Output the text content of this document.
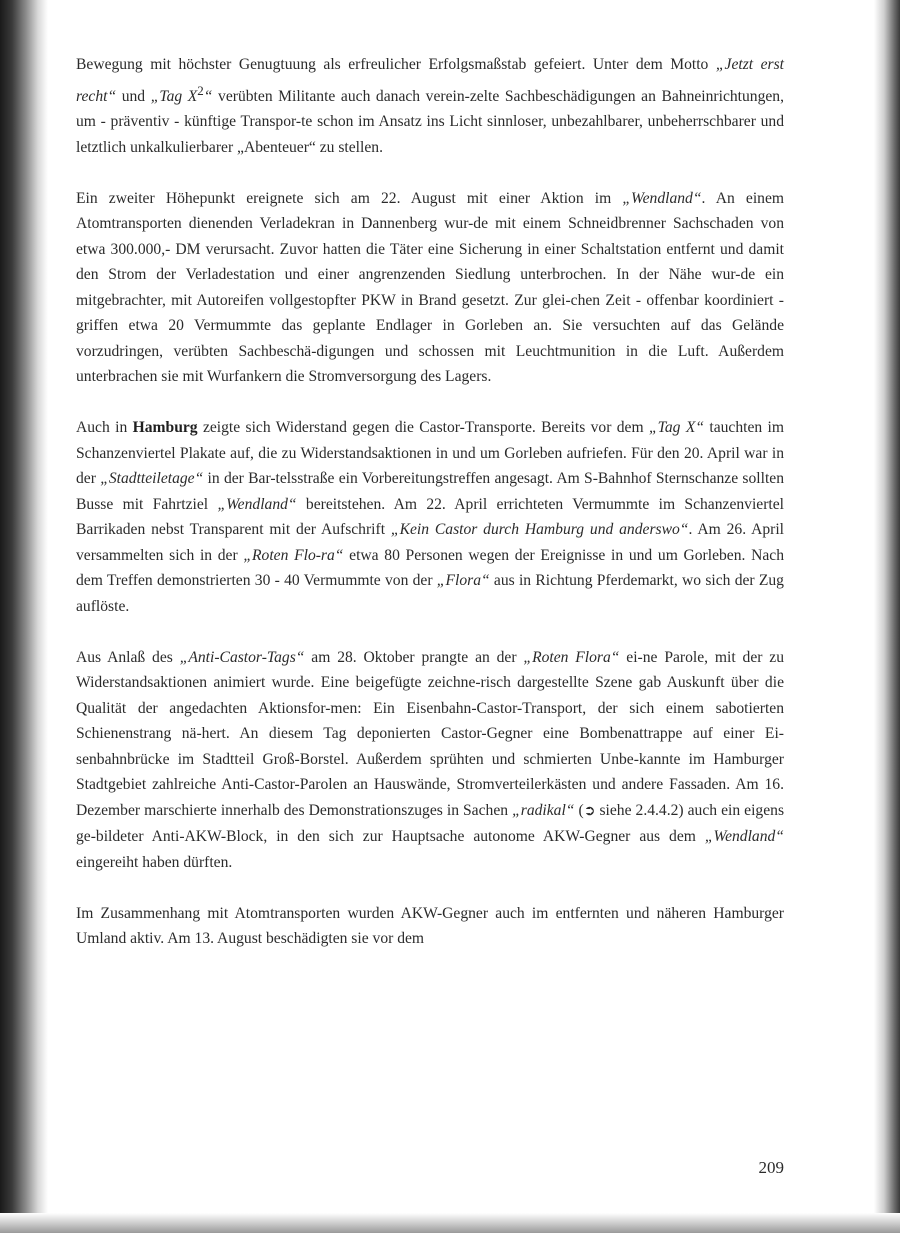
Bewegung mit höchster Genugtuung als erfreulicher Erfolgsmaßstab gefeiert. Unter dem Motto „Jetzt erst recht“ und „Tag $X^2“$ verübten Militante auch danach verein-zelte Sachbeschädigungen an Bahneinrichtungen, um - präventiv - künftige Transpor-te schon im Ansatz ins Licht sinnloser, unbezahlbarer, unbeherrschbarer und letztlich unkalkulierbarer „Abenteuer“ zu stellen.

Ein zweiter Höhepunkt ereignete sich am 22. August mit einer Aktion im „Wendland“. An einem Atomtransporten dienenden Verladekran in Dannenberg wur-de mit einem Schneidbrenner Sachschaden von etwa 300.000,- DM verursacht. Zuvor hatten die Täter eine Sicherung in einer Schaltstation entfernt und damit den Strom der Verladestation und einer angrenzenden Siedlung unterbrochen. In der Nähe wur-de ein mitgebrachter, mit Autoreifen vollgestopfter PKW in Brand gesetzt. Zur glei-chen Zeit - offenbar koordiniert - griffen etwa 20 Vermummte das geplante Endlager in Gorleben an. Sie versuchten auf das Gelände vorzudringen, verübten Sachbeschä-digungen und schossen mit Leuchtmunition in die Luft. Außerdem unterbrachen sie mit Wurfankern die Stromversorgung des Lagers.

Auch in Hamburg zeigte sich Widerstand gegen die Castor-Transporte. Bereits vor dem „Tag X“ tauchten im Schanzenviertel Plakate auf, die zu Widerstandsaktionen in und um Gorleben aufriefen. Für den 20. April war in der „Stadtteiletage“ in der Bar-telsstraße ein Vorbereitungstreffen angesagt. Am S-Bahnhof Sternschanze sollten Busse mit Fahrtziel „Wendland“ bereitstehen. Am 22. April errichteten Vermummte im Schanzenviertel Barrikaden nebst Transparent mit der Aufschrift „Kein Castor durch Hamburg und anderswo“. Am 26. April versammelten sich in der „Roten Flo-ra“ etwa 80 Personen wegen der Ereignisse in und um Gorleben. Nach dem Treffen demonstrierten 30 - 40 Vermummte von der „Flora“ aus in Richtung Pferdemarkt, wo sich der Zug auflöste.

Aus Anlaß des „Anti-Castor-Tags“ am 28. Oktober prangte an der „Roten Flora“ ei-ne Parole, mit der zu Widerstandsaktionen animiert wurde. Eine beigefügte zeichne-risch dargestellte Szene gab Auskunft über die Qualität der angedachten Aktionsfor-men: Ein Eisenbahn-Castor-Transport, der sich einem sabotierten Schienenstrang nä-hert. An diesem Tag deponierten Castor-Gegner eine Bombenattrappe auf einer Ei-senbahnbrücke im Stadtteil Groß-Borstel. Außerdem sprühten und schmierten Unbe-kannte im Hamburger Stadtgebiet zahlreiche Anti-Castor-Parolen an Hauswände, Stromverteilerkästen und andere Fassaden. Am 16. Dezember marschierte innerhalb des Demonstrationszuges in Sachen „radikal“ (➲ siehe 2.4.4.2) auch ein eigens ge-bildeter Anti-AKW-Block, in den sich zur Hauptsache autonome AKW-Gegner aus dem „Wendland“ eingereiht haben dürften.

Im Zusammenhang mit Atomtransporten wurden AKW-Gegner auch im entfernten und näheren Hamburger Umland aktiv. Am 13. August beschädigten sie vor dem

209
